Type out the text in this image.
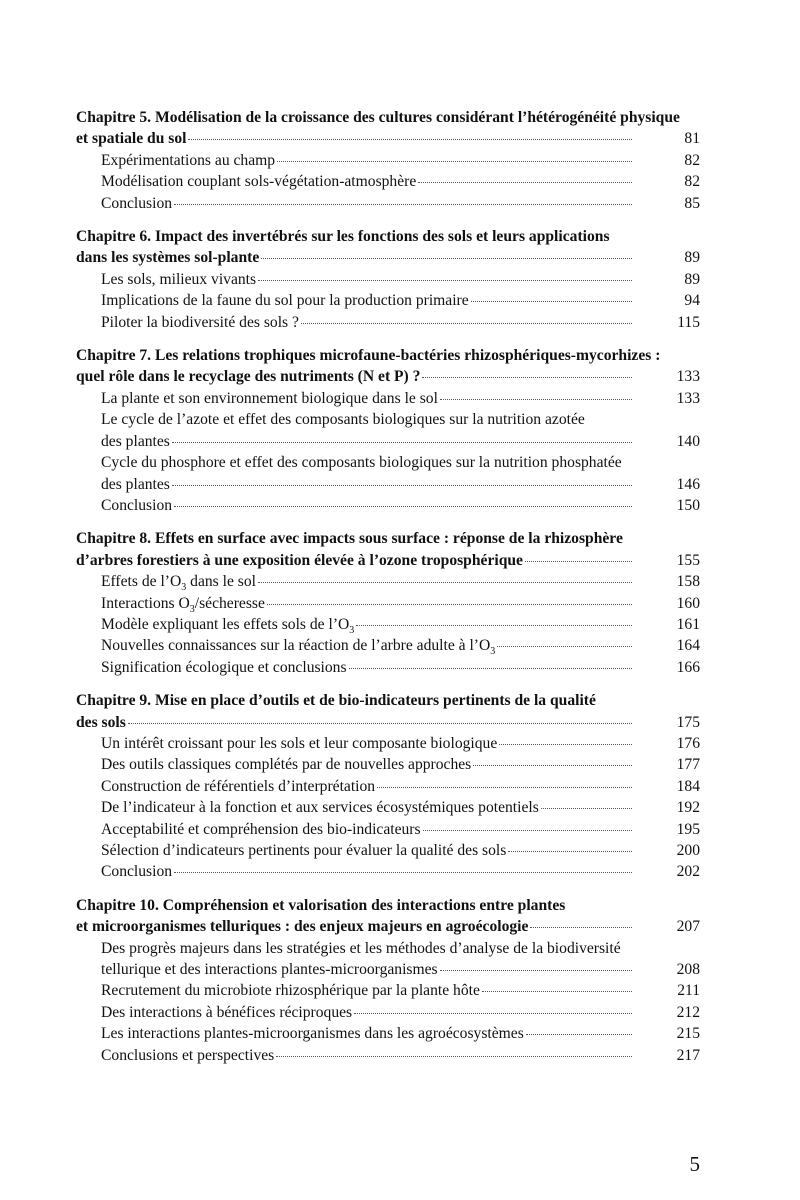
Chapitre 5. Modélisation de la croissance des cultures considérant l’hétérogénéité physique
et spatiale du sol	81
Expérimentations au champ	82
Modélisation couplant sols-végétation-atmosphère	82
Conclusion	85
Chapitre 6. Impact des invertébrés sur les fonctions des sols et leurs applications
dans les systèmes sol-plante	89
Les sols, milieux vivants	89
Implications de la faune du sol pour la production primaire	94
Piloter la biodiversité des sols ?	115
Chapitre 7. Les relations trophiques microfaune-bactéries rhizosphériques-mycorhizes :
quel rôle dans le recyclage des nutriments (N et P) ?	133
La plante et son environnement biologique dans le sol	133
Le cycle de l’azote et effet des composants biologiques sur la nutrition azotée
des plantes	140
Cycle du phosphore et effet des composants biologiques sur la nutrition phosphatée
des plantes	146
Conclusion	150
Chapitre 8. Effets en surface avec impacts sous surface : réponse de la rhizosphère
d’arbres forestiers à une exposition élevée à l’ozone troposphérique	155
Effets de $l’O_3$ dans le sol	158
Interactions $O_3$/sécheresse	160
Modèle expliquant les effets sols de $l’O_3$	161
Nouvelles connaissances sur la réaction de l’arbre adulte à $l’O_3$	164
Signification écologique et conclusions	166
Chapitre 9. Mise en place d’outils et de bio-indicateurs pertinents de la qualité
des sols	175
Un intérêt croissant pour les sols et leur composante biologique	176
Des outils classiques complétés par de nouvelles approches	177
Construction de référentiels d’interprétation	184
De l’indicateur à la fonction et aux services écosystémiques potentiels	192
Acceptabilité et compréhension des bio-indicateurs	195
Sélection d’indicateurs pertinents pour évaluer la qualité des sols	200
Conclusion	202
Chapitre 10. Compréhension et valorisation des interactions entre plantes
et microorganismes telluriques : des enjeux majeurs en agroécologie	207
Des progrès majeurs dans les stratégies et les méthodes d’analyse de la biodiversité
tellurique et des interactions plantes-microorganismes	208
Recrutement du microbiote rhizosphérique par la plante hôte	211
Des interactions à bénéfices réciproques	212
Les interactions plantes-microorganismes dans les agroécosystèmes	215
Conclusions et perspectives	217
5
